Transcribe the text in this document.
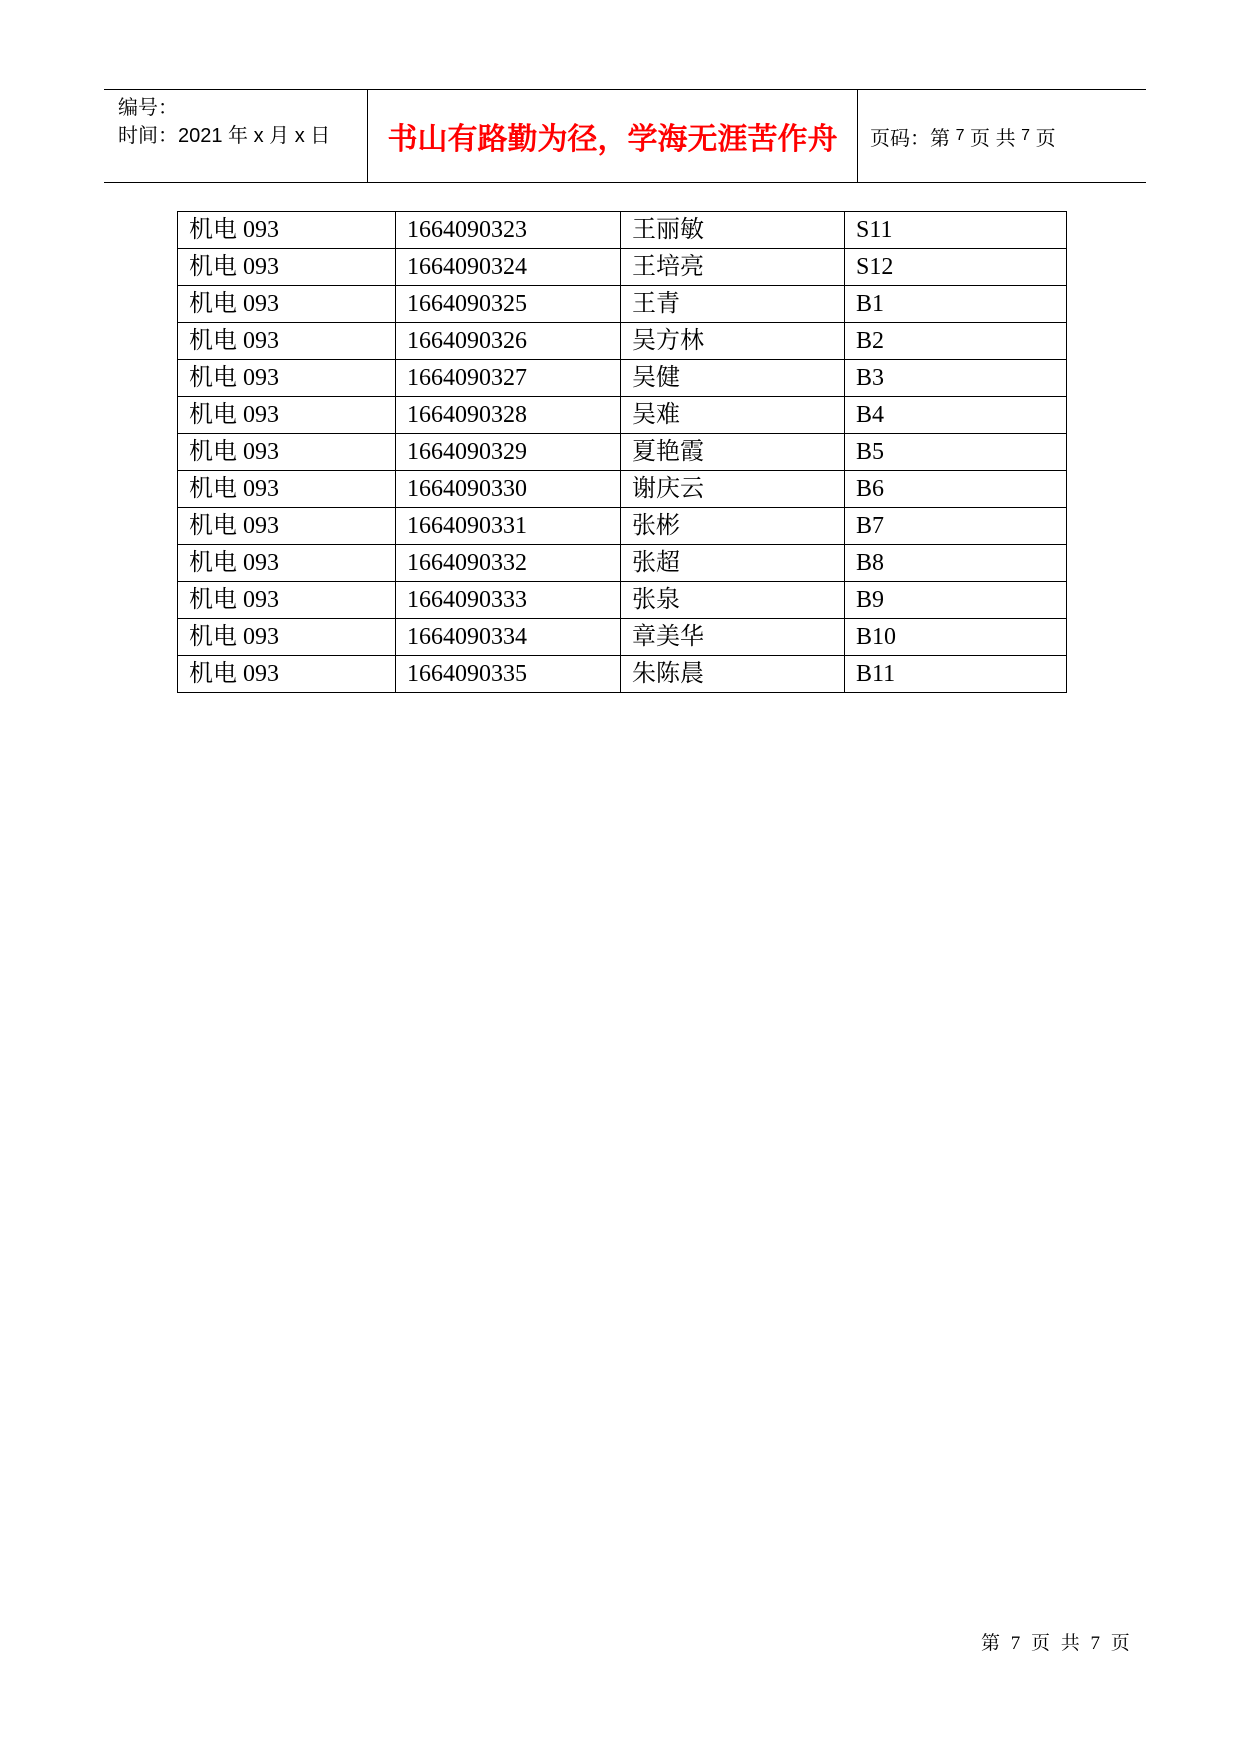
编号：
时间：2021 年 x 月 x 日	书山有路勤为径，学海无涯苦作舟	页码：第
7
页 共
7
页
机电 093	1664090323	王丽敏	S11
机电 093	1664090324	王培亮	S12
机电 093	1664090325	王青	B1
机电 093	1664090326	吴方林	B2
机电 093	1664090327	吴健	B3
机电 093	1664090328	吴难	B4
机电 093	1664090329	夏艳霞	B5
机电 093	1664090330	谢庆云	B6
机电 093	1664090331	张彬	B7
机电 093	1664090332	张超	B8
机电 093	1664090333	张泉	B9
机电 093	1664090334	章美华	B10
机电 093	1664090335	朱陈晨	B11
第 7 页 共 7 页
